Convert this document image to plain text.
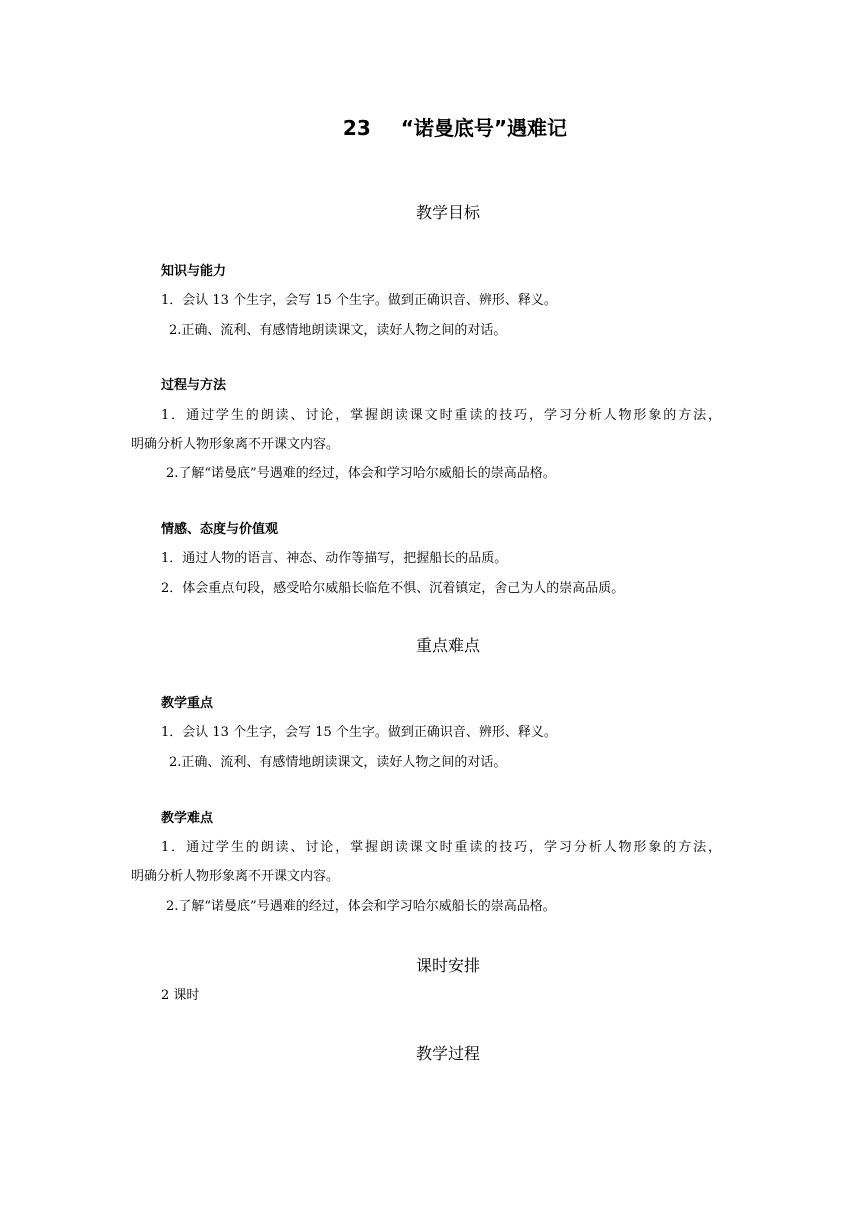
23 “诺曼底号”遇难记
教学目标
知识与能力
1．会认 13 个生字，会写 15 个生字。做到正确识音、辨形、释义。
2.正确、流利、有感情地朗读课文，读好人物之间的对话。
过程与方法
1．通过学生的朗读、讨论，掌握朗读课文时重读的技巧，学习分析人物形象的方法，
明确分析人物形象离不开课文内容。
2.了解“诺曼底”号遇难的经过，体会和学习哈尔威船长的崇高品格。
情感、态度与价值观
1．通过人物的语言、神态、动作等描写，把握船长的品质。
2．体会重点句段，感受哈尔威船长临危不惧、沉着镇定，舍己为人的崇高品质。
重点难点
教学重点
1．会认 13 个生字，会写 15 个生字。做到正确识音、辨形、释义。
2.正确、流利、有感情地朗读课文，读好人物之间的对话。
教学难点
1．通过学生的朗读、讨论，掌握朗读课文时重读的技巧，学习分析人物形象的方法，
明确分析人物形象离不开课文内容。
2.了解“诺曼底”号遇难的经过，体会和学习哈尔威船长的崇高品格。
课时安排
2 课时
教学过程
